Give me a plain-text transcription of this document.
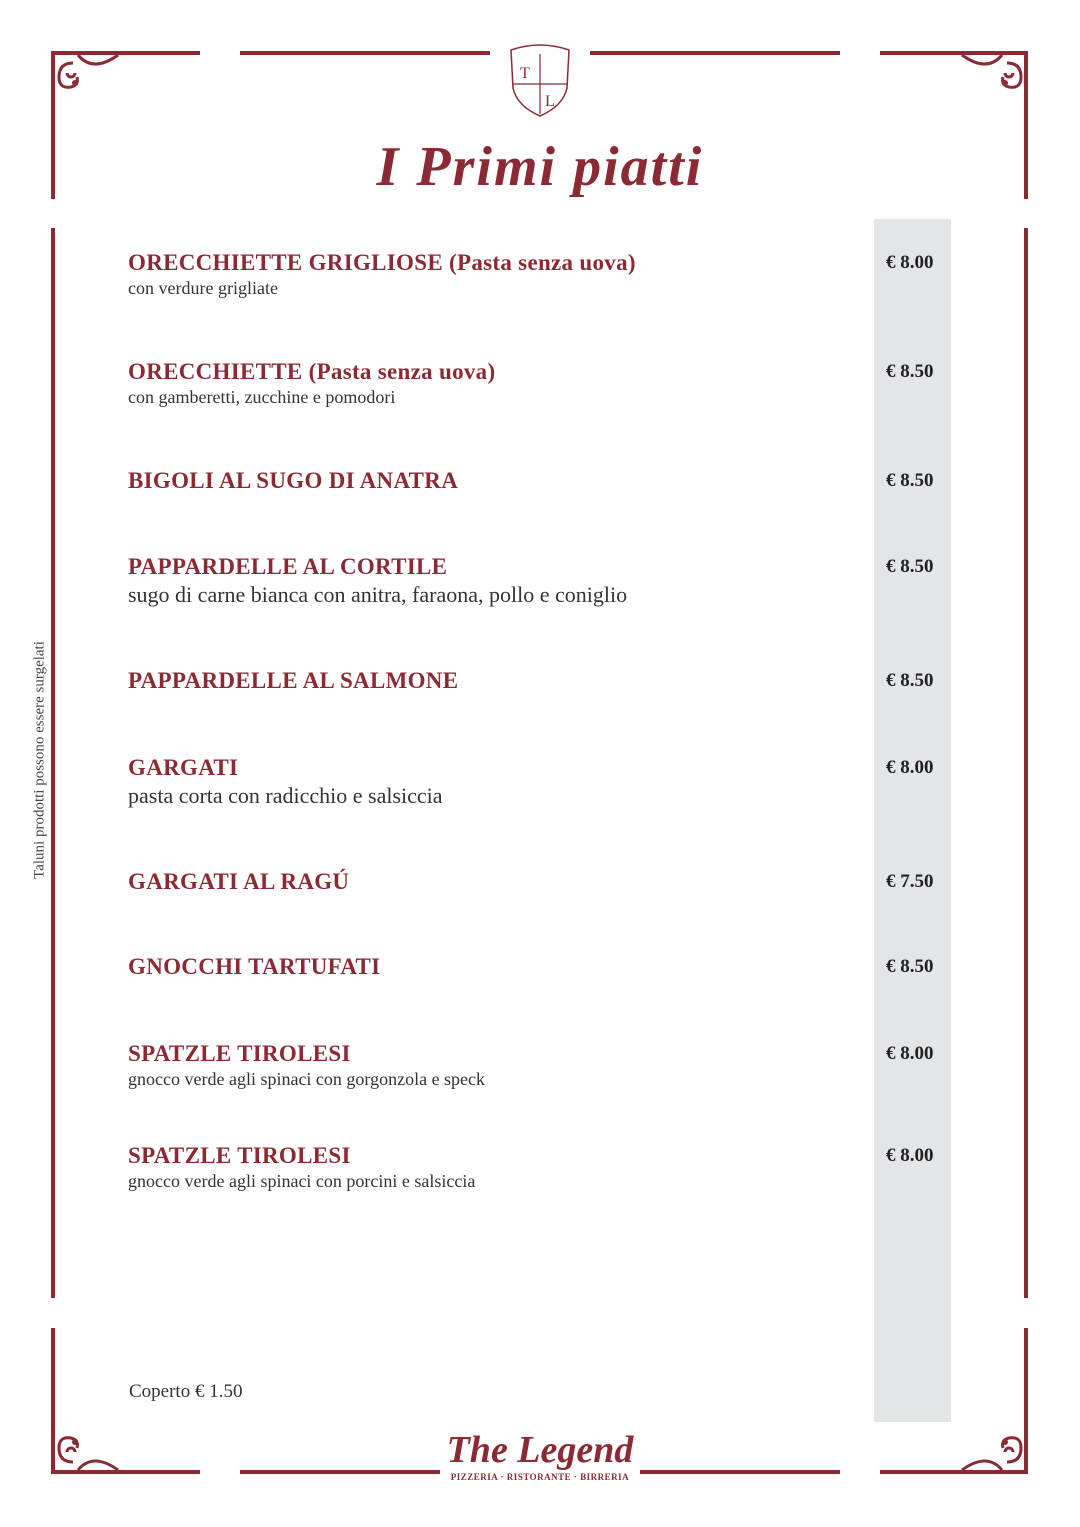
T
L
I Primi piatti
Taluni prodotti possono essere surgelati
ORECCHIETTE GRIGLIOSE (Pasta senza uova)
con verdure grigliate
€ 8.00
ORECCHIETTE (Pasta senza uova)
con gamberetti, zucchine e pomodori
€ 8.50
BIGOLI AL SUGO DI ANATRA	€ 8.50
PAPPARDELLE AL CORTILE
sugo di carne bianca con anitra, faraona, pollo e coniglio
€ 8.50
PAPPARDELLE AL SALMONE	€ 8.50
GARGATI
pasta corta con radicchio e salsiccia
€ 8.00
GARGATI AL RAGÚ	€ 7.50
GNOCCHI TARTUFATI	€ 8.50
SPATZLE TIROLESI
gnocco verde agli spinaci con gorgonzola e speck
€ 8.00
SPATZLE TIROLESI
gnocco verde agli spinaci con porcini e salsiccia
€ 8.00
Coperto € 1.50
The Legend
PIZZERIA · RISTORANTE · BIRRERIA
